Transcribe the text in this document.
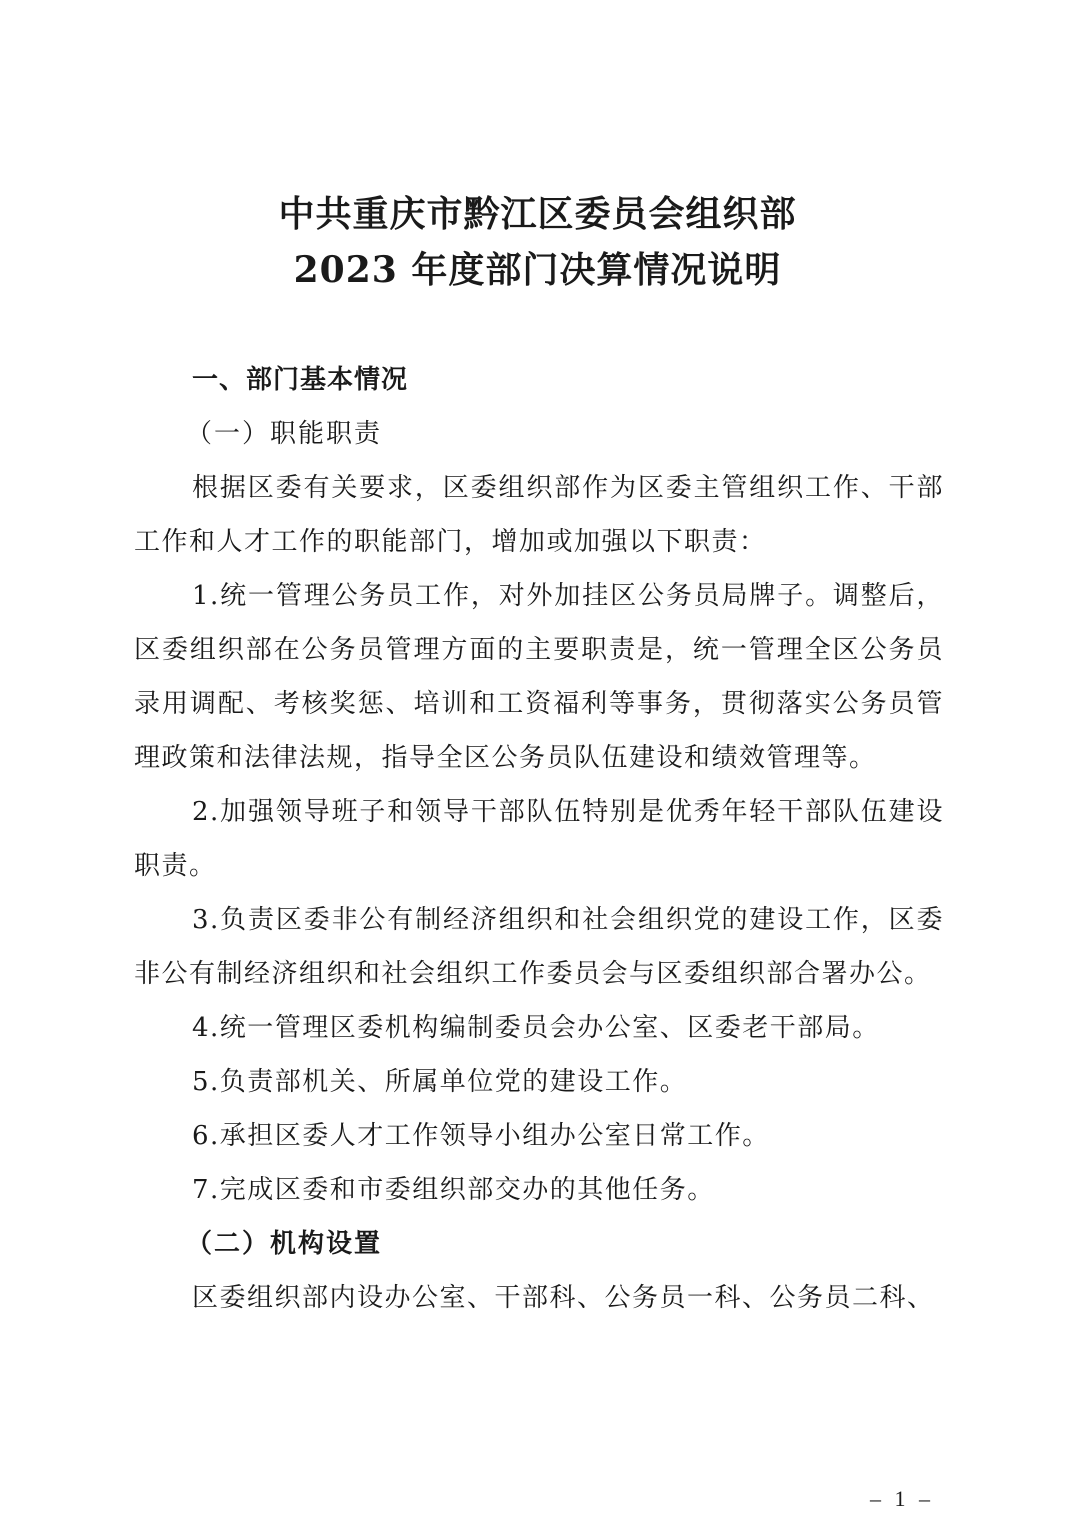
中共重庆市黔江区委员会组织部
2023 年度部门决算情况说明

一、部门基本情况

（一）职能职责

根据区委有关要求，区委组织部作为区委主管组织工作、干部工作和人才工作的职能部门，增加或加强以下职责：

1.统一管理公务员工作，对外加挂区公务员局牌子。调整后，区委组织部在公务员管理方面的主要职责是，统一管理全区公务员录用调配、考核奖惩、培训和工资福利等事务，贯彻落实公务员管理政策和法律法规，指导全区公务员队伍建设和绩效管理等。

2.加强领导班子和领导干部队伍特别是优秀年轻干部队伍建设职责。

3.负责区委非公有制经济组织和社会组织党的建设工作，区委非公有制经济组织和社会组织工作委员会与区委组织部合署办公。

4.统一管理区委机构编制委员会办公室、区委老干部局。

5.负责部机关、所属单位党的建设工作。

6.承担区委人才工作领导小组办公室日常工作。

7.完成区委和市委组织部交办的其他任务。

（二）机构设置

区委组织部内设办公室、干部科、公务员一科、公务员二科、

– 1 –
